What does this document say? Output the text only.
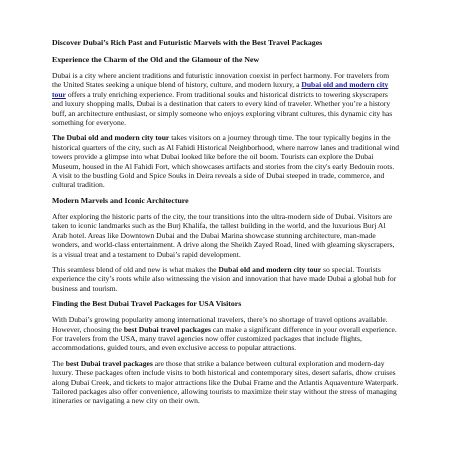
Discover Dubai’s Rich Past and Futuristic Marvels with the Best Travel Packages
Experience the Charm of the Old and the Glamour of the New

Dubai is a city where ancient traditions and futuristic innovation coexist in perfect harmony. For travelers from the United States seeking a unique blend of history, culture, and modern luxury, a Dubai old and modern city tour offers a truly enriching experience. From traditional souks and historical districts to towering skyscrapers and luxury shopping malls, Dubai is a destination that caters to every kind of traveler. Whether you’re a history buff, an architecture enthusiast, or simply someone who enjoys exploring vibrant cultures, this dynamic city has something for everyone.

The Dubai old and modern city tour takes visitors on a journey through time. The tour typically begins in the historical quarters of the city, such as Al Fahidi Historical Neighborhood, where narrow lanes and traditional wind towers provide a glimpse into what Dubai looked like before the oil boom. Tourists can explore the Dubai Museum, housed in the Al Fahidi Fort, which showcases artifacts and stories from the city's early Bedouin roots. A visit to the bustling Gold and Spice Souks in Deira reveals a side of Dubai steeped in trade, commerce, and cultural tradition.

Modern Marvels and Iconic Architecture

After exploring the historic parts of the city, the tour transitions into the ultra-modern side of Dubai. Visitors are taken to iconic landmarks such as the Burj Khalifa, the tallest building in the world, and the luxurious Burj Al Arab hotel. Areas like Downtown Dubai and the Dubai Marina showcase stunning architecture, man-made wonders, and world-class entertainment. A drive along the Sheikh Zayed Road, lined with gleaming skyscrapers, is a visual treat and a testament to Dubai’s rapid development.

This seamless blend of old and new is what makes the Dubai old and modern city tour so special. Tourists experience the city’s roots while also witnessing the vision and innovation that have made Dubai a global hub for business and tourism.

Finding the Best Dubai Travel Packages for USA Visitors

With Dubai’s growing popularity among international travelers, there’s no shortage of travel options available. However, choosing the best Dubai travel packages can make a significant difference in your overall experience. For travelers from the USA, many travel agencies now offer customized packages that include flights, accommodations, guided tours, and even exclusive access to popular attractions.

The best Dubai travel packages are those that strike a balance between cultural exploration and modern-day luxury. These packages often include visits to both historical and contemporary sites, desert safaris, dhow cruises along Dubai Creek, and tickets to major attractions like the Dubai Frame and the Atlantis Aquaventure Waterpark. Tailored packages also offer convenience, allowing tourists to maximize their stay without the stress of managing itineraries or navigating a new city on their own.
